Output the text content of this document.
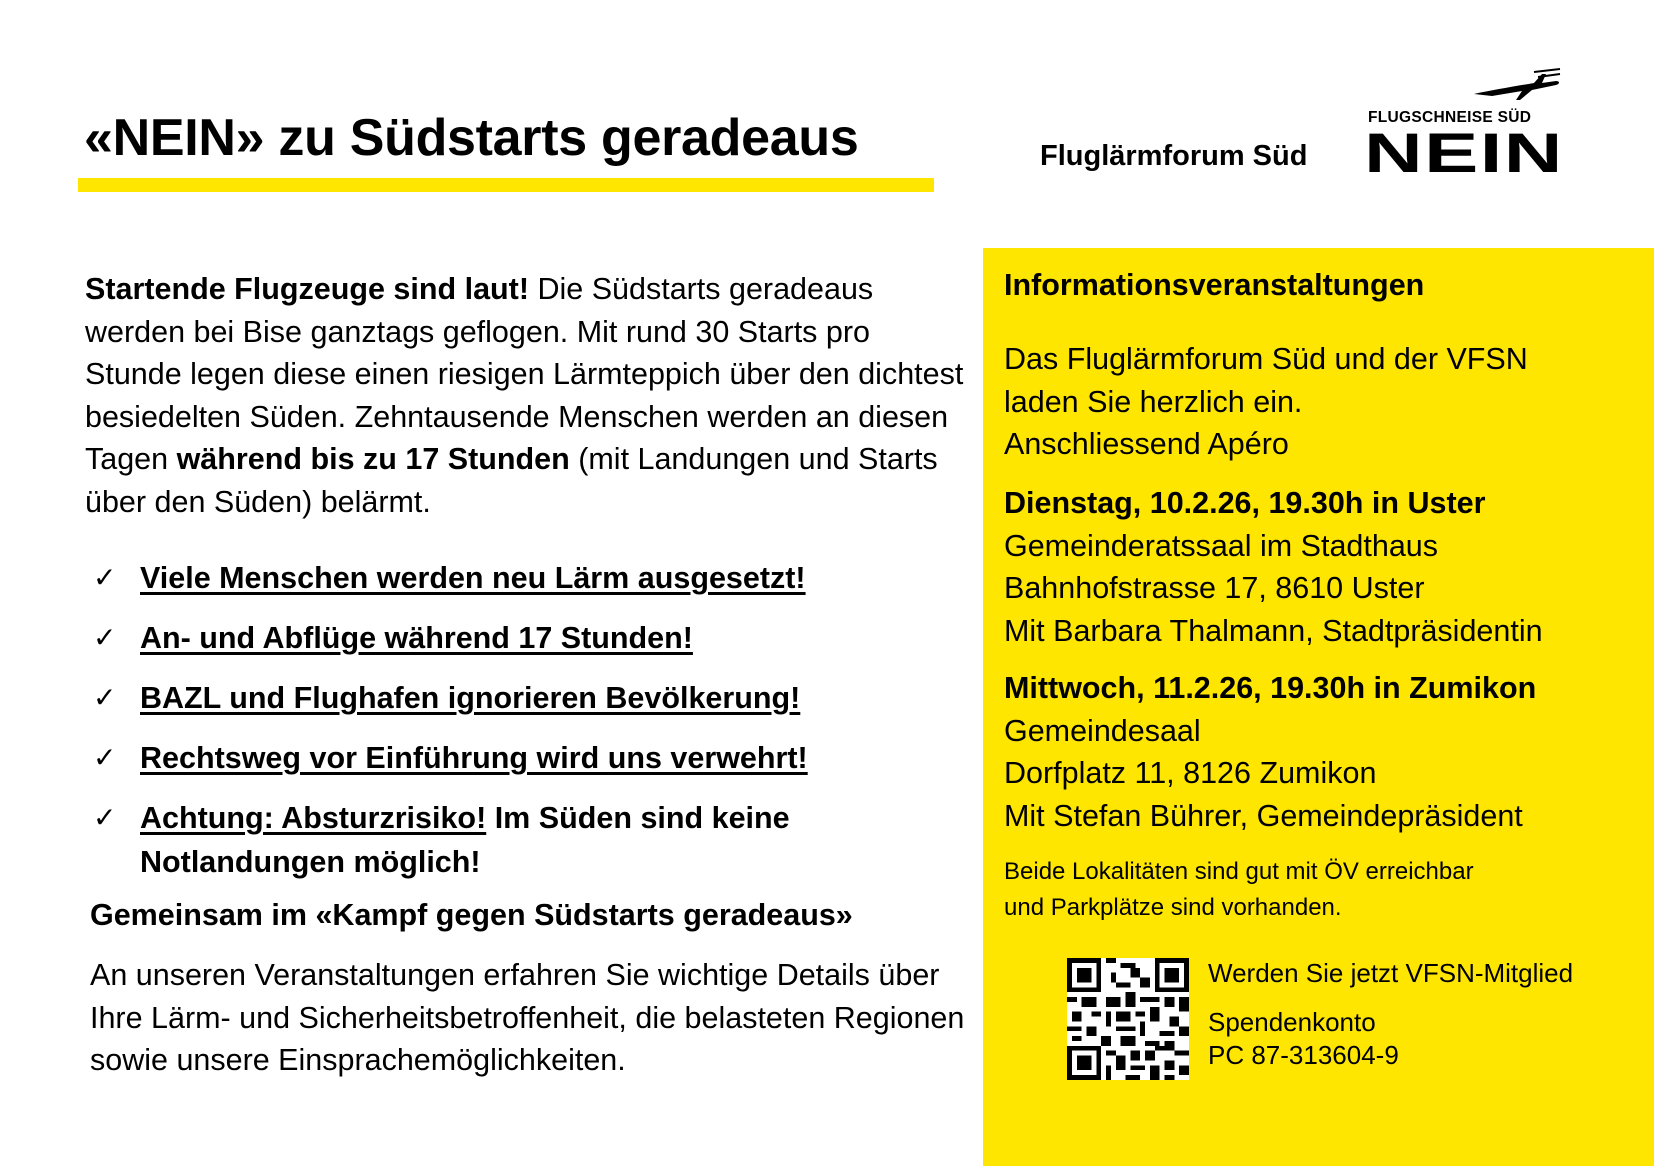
«NEIN» zu Südstarts geradeaus	Fluglärmforum Süd
FLUGSCHNEISE SÜD
NEIN
Startende Flugzeuge sind laut! Die Südstarts geradeaus werden bei Bise ganztags geflogen. Mit rund 30 Starts pro Stunde legen diese einen riesigen Lärmteppich über den dichtest besiedelten Süden. Zehntausende Menschen werden an diesen Tagen während bis zu 17 Stunden (mit Landungen und Starts über den Süden) belärmt.
✓ Viele Menschen werden neu Lärm ausgesetzt!
✓ An- und Abflüge während 17 Stunden!
✓ BAZL und Flughafen ignorieren Bevölkerung!
✓ Rechtsweg vor Einführung wird uns verwehrt!
✓ Achtung: Absturzrisiko! Im Süden sind keine Notlandungen möglich!
Gemeinsam im «Kampf gegen Südstarts geradeaus»
An unseren Veranstaltungen erfahren Sie wichtige Details über Ihre Lärm- und Sicherheitsbetroffenheit, die belasteten Regionen sowie unsere Einsprachemöglichkeiten.
Informationsveranstaltungen
Das Fluglärmforum Süd und der VFSN
laden Sie herzlich ein.
Anschliessend Apéro
Dienstag, 10.2.26, 19.30h in Uster
Gemeinderatssaal im Stadthaus
Bahnhofstrasse 17, 8610 Uster
Mit Barbara Thalmann, Stadtpräsidentin
Mittwoch, 11.2.26, 19.30h in Zumikon
Gemeindesaal
Dorfplatz 11, 8126 Zumikon
Mit Stefan Bührer, Gemeindepräsident
Beide Lokalitäten sind gut mit ÖV erreichbar
und Parkplätze sind vorhanden.
Werden Sie jetzt VFSN-Mitglied
Spendenkonto
PC 87-313604-9
